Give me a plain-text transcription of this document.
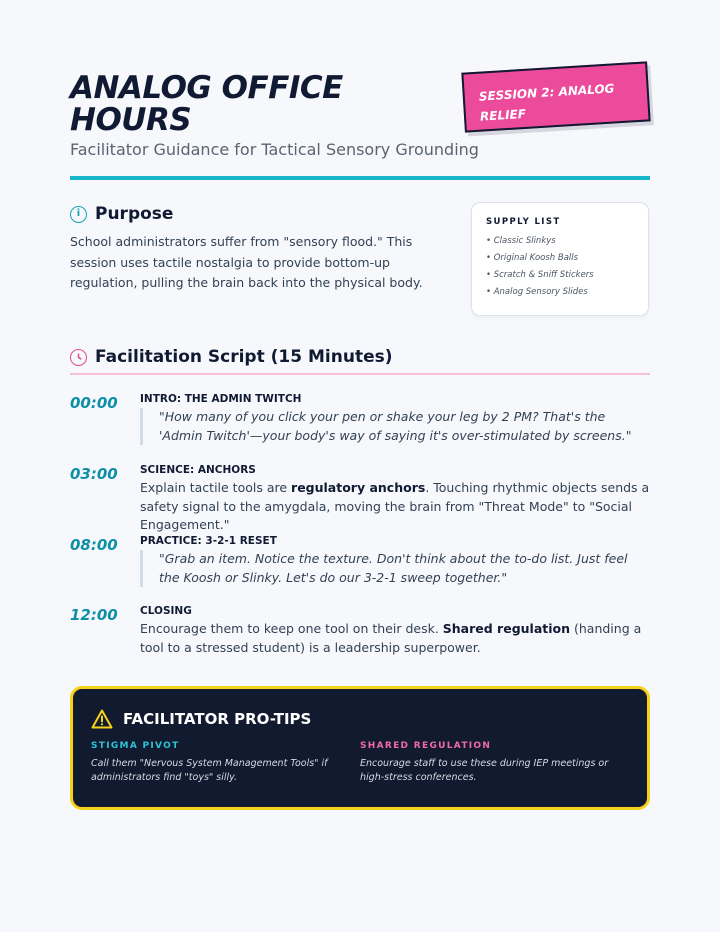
ANALOG OFFICE HOURS
Facilitator Guidance for Tactical Sensory Grounding
SESSION 2: ANALOG RELIEF
i Purpose

School administrators suffer from "sensory flood." This session uses tactile nostalgia to provide bottom-up regulation, pulling the brain back into the physical body.

SUPPLY LIST
• Classic Slinkys
• Original Koosh Balls
• Scratch & Sniff Stickers
• Analog Sensory Slides
Facilitation Script (15 Minutes)
00:00 INTRO: THE ADMIN TWITCH
"How many of you click your pen or shake your leg by 2 PM? That's the 'Admin Twitch'—your body's way of saying it's over-stimulated by screens."
03:00 SCIENCE: ANCHORS
Explain tactile tools are regulatory anchors. Touching rhythmic objects sends a safety signal to the amygdala, moving the brain from "Threat Mode" to "Social Engagement."
08:00 PRACTICE: 3-2-1 RESET
"Grab an item. Notice the texture. Don't think about the to-do list. Just feel the Koosh or Slinky. Let's do our 3-2-1 sweep together."
12:00 CLOSING
Encourage them to keep one tool on their desk. Shared regulation (handing a tool to a stressed student) is a leadership superpower.
FACILITATOR PRO-TIPS
STIGMA PIVOT
Call them "Nervous System Management Tools" if administrators find "toys" silly.
SHARED REGULATION
Encourage staff to use these during IEP meetings or high-stress conferences.
